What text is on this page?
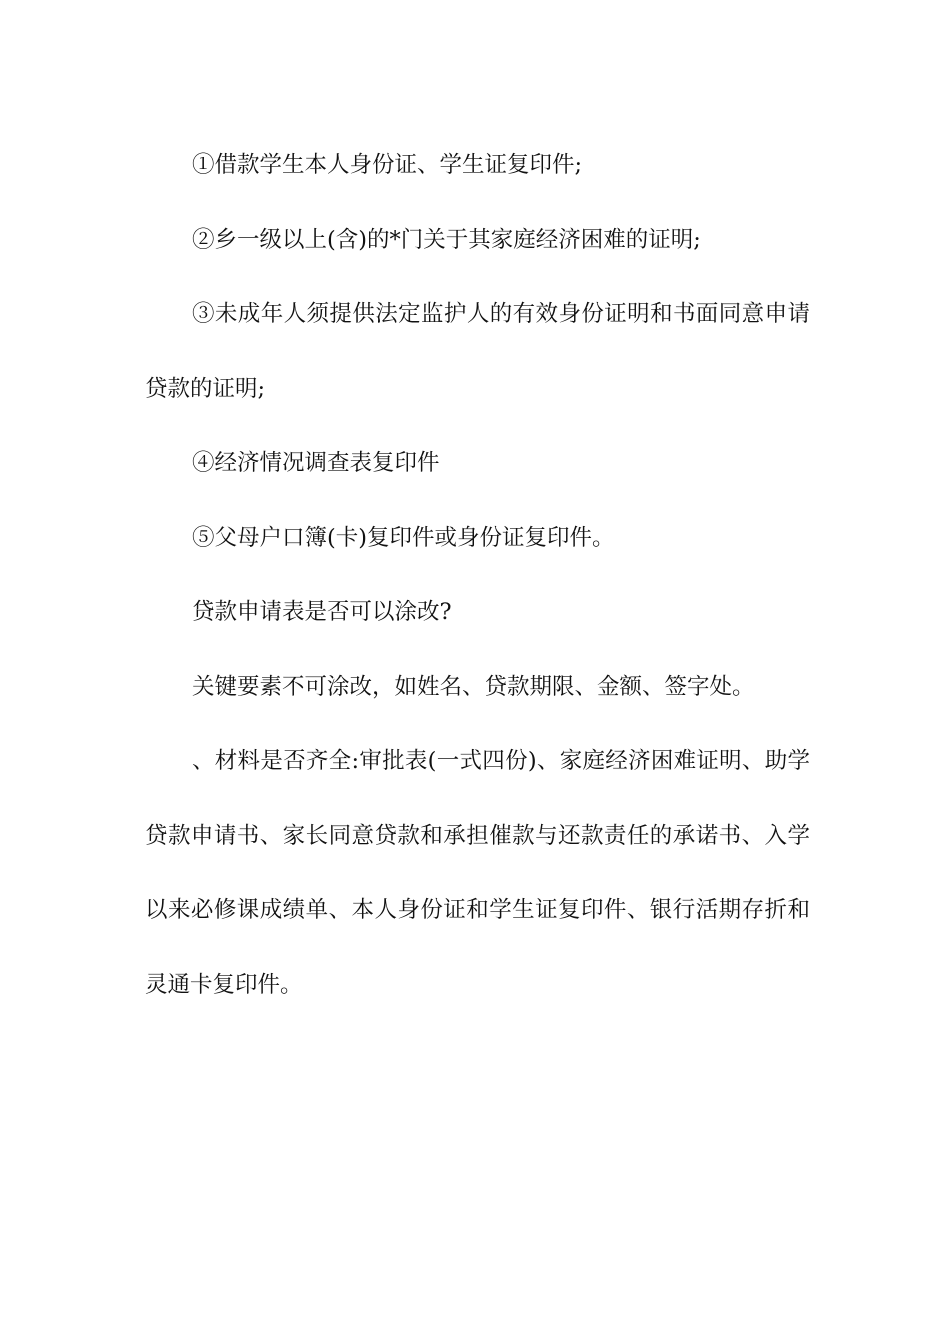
①借款学生本人身份证、学生证复印件;

②乡一级以上(含)的*门关于其家庭经济困难的证明;

③未成年人须提供法定监护人的有效身份证明和书面同意申请贷款的证明;

④经济情况调查表复印件

⑤父母户口簿(卡)复印件或身份证复印件。

贷款申请表是否可以涂改?

关键要素不可涂改，如姓名、贷款期限、金额、签字处。

、材料是否齐全:审批表(一式四份)、家庭经济困难证明、助学贷款申请书、家长同意贷款和承担催款与还款责任的承诺书、入学以来必修课成绩单、本人身份证和学生证复印件、银行活期存折和灵通卡复印件。
